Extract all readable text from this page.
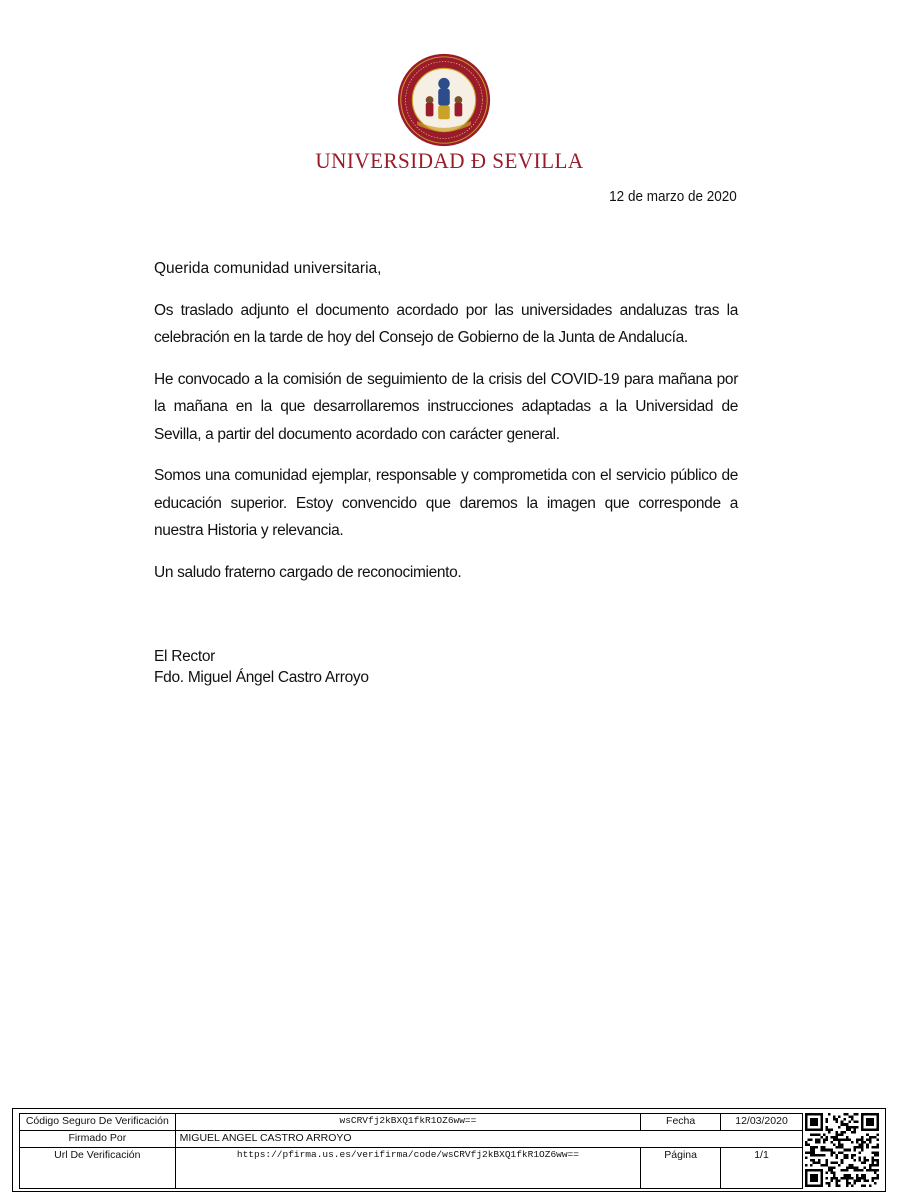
UNIVERSIDAD Ð SEVILLA
12 de marzo de 2020

Querida comunidad universitaria,

Os traslado adjunto el documento acordado por las universidades andaluzas tras la celebración en la tarde de hoy del Consejo de Gobierno de la Junta de Andalucía.

He convocado a la comisión de seguimiento de la crisis del COVID-19 para mañana por la mañana en la que desarrollaremos instrucciones adaptadas a la Universidad de Sevilla, a partir del documento acordado con carácter general.

Somos una comunidad ejemplar, responsable y comprometida con el servicio público de educación superior. Estoy convencido que daremos la imagen que corresponde a nuestra Historia y relevancia.

Un saludo fraterno cargado de reconocimiento.

El Rector
Fdo. Miguel Ángel Castro Arroyo
Código Seguro De Verificación	wsCRVfj2kBXQ1fkR1OZ6ww==	Fecha	12/03/2020
Firmado Por	MIGUEL ANGEL CASTRO ARROYO		
Url De Verificación	https://pfirma.us.es/verifirma/code/wsCRVfj2kBXQ1fkR1OZ6ww==	Página	1/1
